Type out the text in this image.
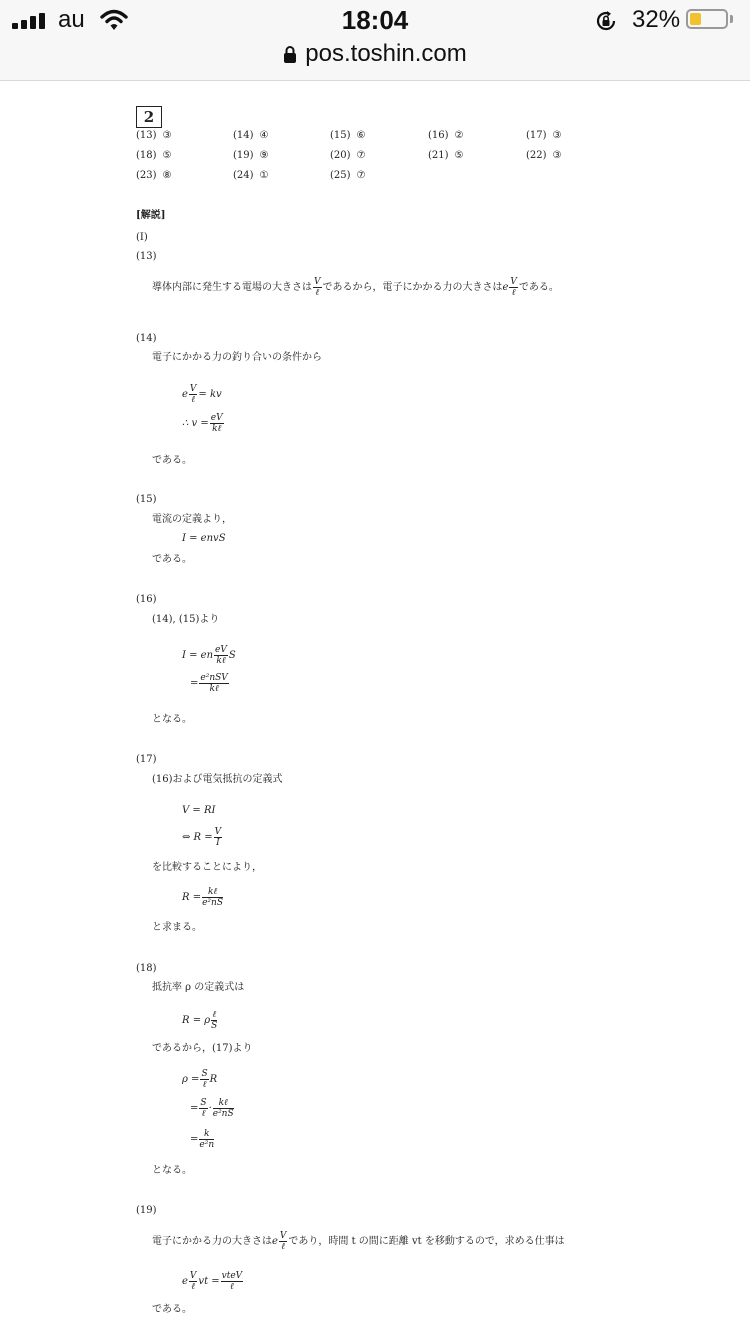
au	18:04	32%
pos.toshin.com
2
(13) ③	(14) ④	(15) ⑥	(16) ②	(17) ③
(18) ⑤	(19) ⑨	(20) ⑦	(21) ⑤	(22) ③
(23) ⑧	(24) ①	(25) ⑦
[解説]
(I)
(13)
導体内部に発生する電場の大きさは $\frac{V}{\text{ℓ}}$ であるから，電子にかかる力の大きさはe $\frac{V}{\text{ℓ}}$ である。
(14)
電子にかかる力の釣り合いの条件から
e $\frac{V}{\text{ℓ}}$ = kv
∴ $v = \frac{eV}{\text{kℓ}}$
である。
(15)
電流の定義より，
I = envS
である。
(16)
(14), (15)より
I = en $\frac{eV}{\text{kℓ}}$ S
= $\frac{\text{e²nSV}}{\text{kℓ}}$
となる。
(17)
(16)および電気抵抗の定義式
V = RI
⇔ $R = \frac{V}{I}$
を比較することにより，
$R = \frac{\text{kℓ}}{\text{e²nS}}$
と求まる。
(18)
抵抗率 ρ の定義式は
R = ρ $\frac{\text{ℓ}}{S}$
であるから，(17)より
$\rho = \frac{S}{\text{ℓ}}$ R
= $\frac{S}{\text{ℓ}} \cdot \frac{\text{kℓ}}{\text{e²nS}}$
= $\frac{k}{\text{e²n}}$
となる。
(19)
電子にかかる力の大きさはe $\frac{V}{\text{ℓ}}$ であり，時間 t の間に距離 vt を移動するので，求める仕事は
e $\frac{V}{\text{ℓ}}$ vt = $\frac{\text{vteV}}{\text{ℓ}}$
である。
